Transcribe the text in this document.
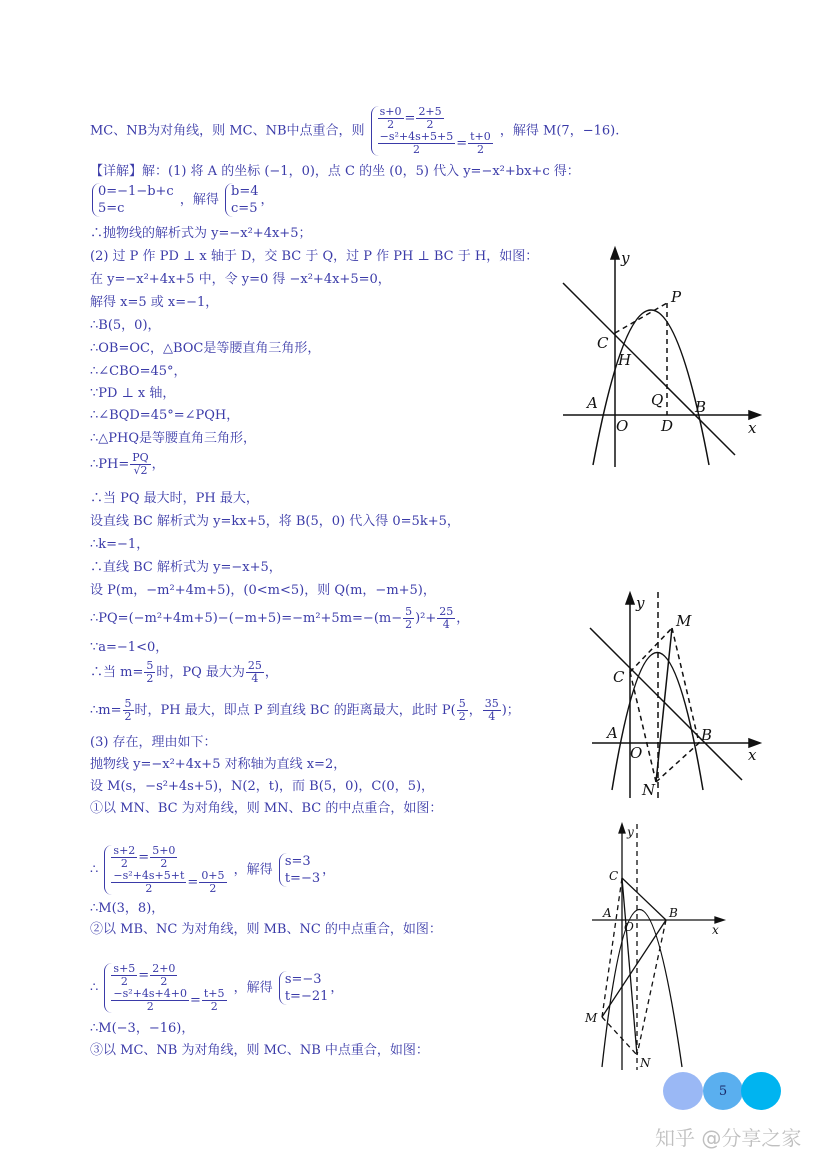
MC、NB为对角线，则 MC、NB中点重合，则 $\frac{s+0}{2} = \frac{2+5}{2}$
$\frac{\text{−s²+4s+5+5}}{2} = \frac{t+0}{2}$ ，解得 M(7，−16).
【详解】解：(1) 将 A 的坐标 (−1，0)，点 C 的坐 (0，5) 代入 y=−x²+bx+c 得：
0=−1−b+c
5=c
，解得
b=4
c=5
，
∴抛物线的解析式为 y=−x²+4x+5；
(2) 过 P 作 PD ⊥ x 轴于 D，交 BC 于 Q，过 P 作 PH ⊥ BC 于 H，如图：
在 y=−x²+4x+5 中，令 y=0 得 −x²+4x+5=0，
解得 x=5 或 x=−1，
∴B(5，0)，
∴OB=OC，△BOC是等腰直角三角形，
∴∠CBO=45°，
∵PD ⊥ x 轴，
∴∠BQD=45°=∠PQH，
∴△PHQ是等腰直角三角形，
∴PH= $\frac{PQ}{√2}$ ，
∴当 PQ 最大时，PH 最大，
设直线 BC 解析式为 y=kx+5，将 B(5，0) 代入得 0=5k+5，
∴k=−1，
∴直线 BC 解析式为 y=−x+5，
设 P(m，−m²+4m+5)，(0<m<5)，则 Q(m，−m+5)，
∴PQ=(−m²+4m+5)−(−m+5)=−m²+5m=−(m− $\frac{5}{2} )^2+ \frac{25}{4}$ ，
∵a=−1<0，
∴当 $m= \frac{5}{2}$ 时，PQ 最大为 $\frac{25}{4}$ ，
∴m= $\frac{5}{2}$ 时，PH 最大，即点 P 到直线 BC 的距离最大，此时 $P( \frac{5}{2}$ ， $\frac{35}{4}$ )；
(3) 存在，理由如下：
抛物线 y=−x²+4x+5 对称轴为直线 x=2，
设 M(s，−s²+4s+5)，N(2，t)，而 B(5，0)，C(0，5)，
①以 MN、BC 为对角线，则 MN、BC 的中点重合，如图：
∴ $\frac{s+2}{2} = \frac{5+0}{2}$
$\frac{\text{−s²+4s+5+t}}{2} = \frac{0+5}{2}$ ，解得
s=3
t=−3
，
∴M(3，8)，
②以 MB、NC 为对角线，则 MB、NC 的中点重合，如图：
∴ $\frac{s+5}{2} = \frac{2+0}{2}$
$\frac{\text{−s²+4s+4+0}}{2} = \frac{t+5}{2}$ ，解得
s=−3
t=−21
，
∴M(−3，−16)，
③以 MC、NB 为对角线，则 MC、NB 中点重合，如图：
y
x
P
C
H
Q
A	B
O D
y
x
M
C
A
O
B
N
y
x
C
A
O
B
M
N
5
知乎 @分享之家
